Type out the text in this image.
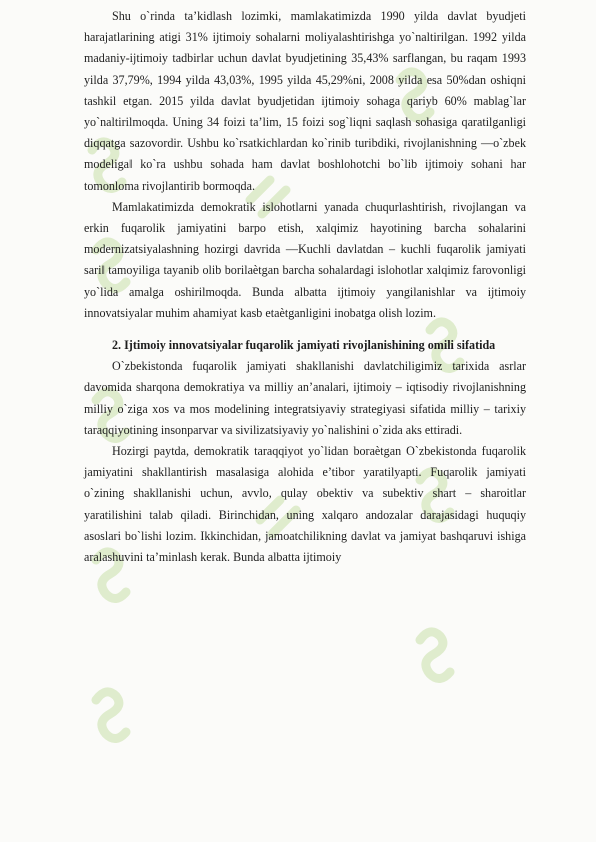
Shu o`rinda ta’kidlash lozimki, mamlakatimizda 1990 yilda davlat byudjeti harajatlarining atigi 31% ijtimoiy sohalarni moliyalashtirishga yo`naltirilgan. 1992 yilda madaniy-ijtimoiy tadbirlar uchun davlat byudjetining 35,43% sarflangan, bu raqam 1993 yilda 37,79%, 1994 yilda 43,03%, 1995 yilda 45,29%ni, 2008 yilda esa 50%dan oshiqni tashkil etgan. 2015 yilda davlat byudjetidan ijtimoiy sohaga qariyb 60% mablag`lar yo`naltirilmoqda. Uning 34 foizi ta’lim, 15 foizi sog`liqni saqlash sohasiga qaratilganligi diqqatga sazovordir. Ushbu ko`rsatkichlardan ko`rinib turibdiki, rivojlanishning ―o`zbek modeliga‖ ko`ra ushbu sohada ham davlat boshlohotchi bo`lib ijtimoiy sohani har tomonloma rivojlantirib bormoqda.

Mamlakatimizda demokratik islohotlarni yanada chuqurlashtirish, rivojlangan va erkin fuqarolik jamiyatini barpo etish, xalqimiz hayotining barcha sohalarini modernizatsiyalashning hozirgi davrida ―Kuchli davlatdan – kuchli fuqarolik jamiyati sari‖ tamoyiliga tayanib olib borilaѐtgan barcha sohalardagi islohotlar xalqimiz farovonligi yo`lida amalga oshirilmoqda. Bunda albatta ijtimoiy yangilanishlar va ijtimoiy innovatsiyalar muhim ahamiyat kasb etaѐtganligini inobatga olish lozim.

2. Ijtimoiy innovatsiyalar fuqarolik jamiyati rivojlanishining omili sifatida

O`zbekistonda fuqarolik jamiyati shakllanishi davlatchiligimiz tarixida asrlar davomida sharqona demokratiya va milliy an’analari, ijtimoiy – iqtisodiy rivojlanishning milliy o`ziga xos va mos modelining integratsiyaviy strategiyasi sifatida milliy – tarixiy taraqqiyotining insonparvar va sivilizatsiyaviy yo`nalishini o`zida aks ettiradi.

Hozirgi paytda, demokratik taraqqiyot yo`lidan boraѐtgan O`zbekistonda fuqarolik jamiyatini shakllantirish masalasiga alohida e’tibor yaratilyapti. Fuqarolik jamiyati o`zining shakllanishi uchun, avvlo, qulay obektiv va subektiv shart – sharoitlar yaratilishini talab qiladi. Birinchidan, uning xalqaro andozalar darajasidagi huquqiy asoslari bo`lishi lozim. Ikkinchidan, jamoatchilikning davlat va jamiyat bashqaruvi ishiga aralashuvini ta’minlash kerak. Bunda albatta ijtimoiy
